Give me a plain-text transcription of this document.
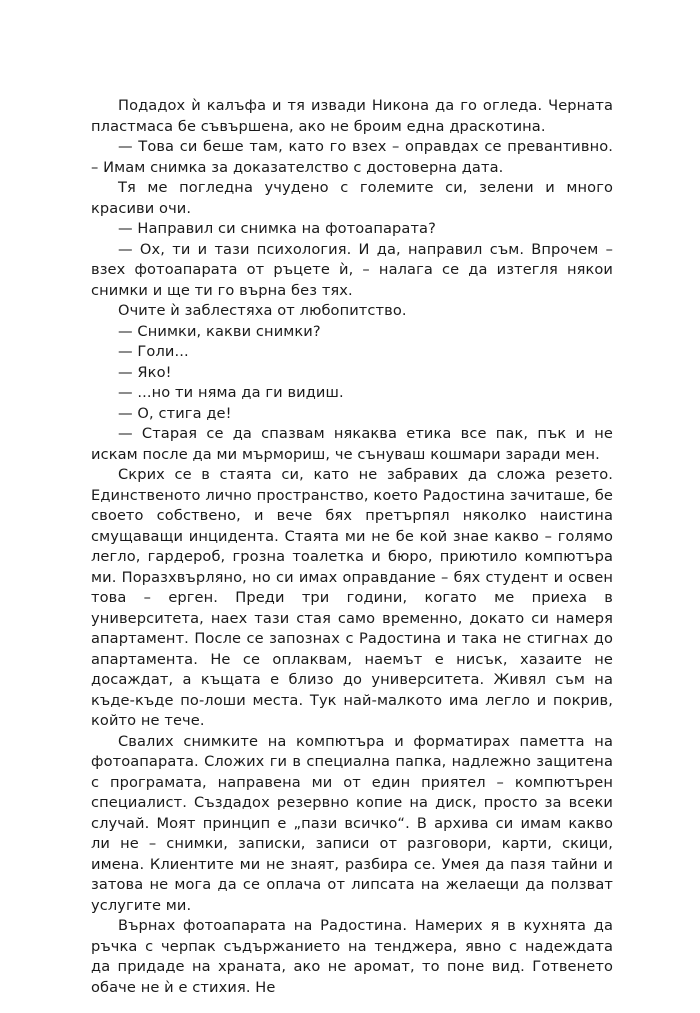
Подадох ѝ калъфа и тя извади Никона да го огледа. Черната пластмаса бе съвършена, ако не броим една драскотина.

— Това си беше там, като го взех – оправдах се превантивно. – Имам снимка за доказателство с достоверна дата.

Тя ме погледна учудено с големите си, зелени и много красиви очи.

— Направил си снимка на фотоапарата?

— Ох, ти и тази психология. И да, направил съм. Впрочем – взех фотоапарата от ръцете ѝ, – налага се да изтегля някои снимки и ще ти го върна без тях.

Очите ѝ заблестяха от любопитство.

— Снимки, какви снимки?

— Голи...

— Яко!

— ...но ти няма да ги видиш.

— О, стига де!

— Старая се да спазвам някаква етика все пак, пък и не искам после да ми мърмориш, че сънуваш кошмари заради мен.

Скрих се в стаята си, като не забравих да сложа резето. Единственото лично пространство, което Радостина зачиташе, бе своето собствено, и вече бях претърпял няколко наистина смущаващи инцидента. Стаята ми не бе кой знае какво – голямо легло, гардероб, грозна тоалетка и бюро, приютило компютъра ми. Поразхвърляно, но си имах оправдание – бях студент и освен това – ерген. Преди три години, когато ме приеха в университета, наех тази стая само временно, докато си намеря апартамент. После се запознах с Радостина и така не стигнах до апартамента. Не се оплаквам, наемът е нисък, хазаите не досаждат, а къщата е близо до университета. Живял съм на къде-къде по-лоши места. Тук най-малкото има легло и покрив, който не тече.

Свалих снимките на компютъра и форматирах паметта на фотоапарата. Сложих ги в специална папка, надлежно защитена с програмата, направена ми от един приятел – компютърен специалист. Създадох резервно копие на диск, просто за всеки случай. Моят принцип е „пази всичко“. В архива си имам какво ли не – снимки, записки, записи от разговори, карти, скици, имена. Клиентите ми не знаят, разбира се. Умея да пазя тайни и затова не мога да се оплача от липсата на желаещи да ползват услугите ми.

Върнах фотоапарата на Радостина. Намерих я в кухнята да ръчка с черпак съдържанието на тенджера, явно с надеждата да придаде на храната, ако не аромат, то поне вид. Готвенето обаче не ѝ е стихия. Не
